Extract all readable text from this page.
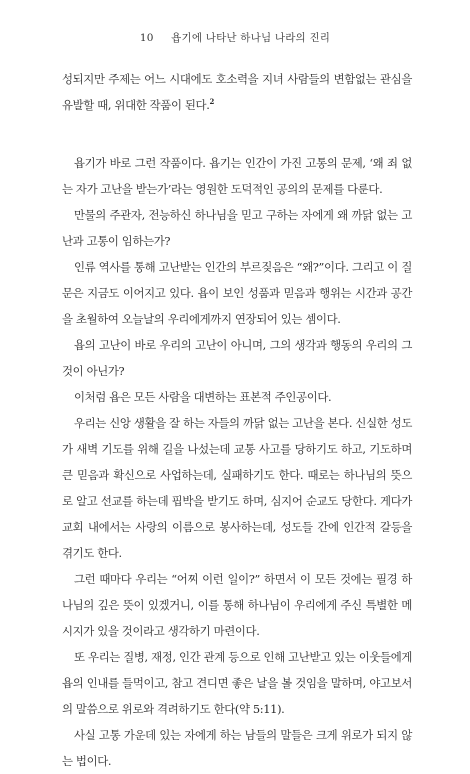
10 욥기에 나타난 하나님 나라의 진리

성되지만 주제는 어느 시대에도 호소력을 지녀 사람들의 변함없는 관심을 유발할 때, 위대한 작품이 된다.$^2$

욥기가 바로 그런 작품이다. 욥기는 인간이 가진 고통의 문제, ‘왜 죄 없는 자가 고난을 받는가’라는 영원한 도덕적인 공의의 문제를 다룬다.

만물의 주관자, 전능하신 하나님을 믿고 구하는 자에게 왜 까닭 없는 고난과 고통이 임하는가?

인류 역사를 통해 고난받는 인간의 부르짖음은 “왜?”이다. 그리고 이 질문은 지금도 이어지고 있다. 욥이 보인 성품과 믿음과 행위는 시간과 공간을 초월하여 오늘날의 우리에게까지 연장되어 있는 셈이다.

욥의 고난이 바로 우리의 고난이 아니며, 그의 생각과 행동의 우리의 그것이 아닌가?

이처럼 욥은 모든 사람을 대변하는 표본적 주인공이다.

우리는 신앙 생활을 잘 하는 자들의 까닭 없는 고난을 본다. 신실한 성도가 새벽 기도를 위해 길을 나섰는데 교통 사고를 당하기도 하고, 기도하며 큰 믿음과 확신으로 사업하는데, 실패하기도 한다. 때로는 하나님의 뜻으로 알고 선교를 하는데 핍박을 받기도 하며, 심지어 순교도 당한다. 게다가 교회 내에서는 사랑의 이름으로 봉사하는데, 성도들 간에 인간적 갈등을 겪기도 한다.

그런 때마다 우리는 “어찌 이런 일이?” 하면서 이 모든 것에는 필경 하나님의 깊은 뜻이 있겠거니, 이를 통해 하나님이 우리에게 주신 특별한 메시지가 있을 것이라고 생각하기 마련이다.

또 우리는 질병, 재정, 인간 관계 등으로 인해 고난받고 있는 이웃들에게 욥의 인내를 들먹이고, 참고 견디면 좋은 날을 볼 것임을 말하며, 야고보서의 말씀으로 위로와 격려하기도 한다(약 5:11).

사실 고통 가운데 있는 자에게 하는 남들의 말들은 크게 위로가 되지 않는 법이다.
